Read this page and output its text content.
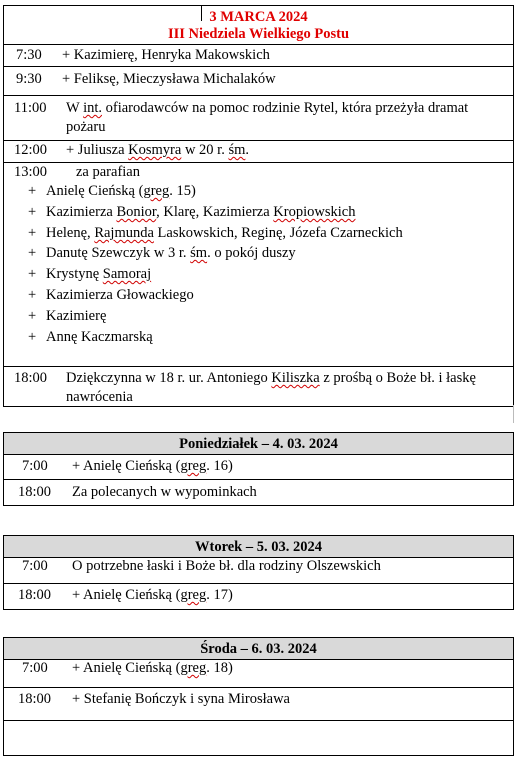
3 MARCA 2024
III Niedziela Wielkiego Postu
7:30 + Kazimierę, Henryka Makowskich
9:30 + Feliksę, Mieczysława Michalaków
11:00 W int. ofiarodawców na pomoc rodzinie Rytel, która przeżyła dramat pożaru
12:00 + Juliusza Kosmyra w 20 r. śm.
13:00 za parafian
+ Anielę Cieńską (greg. 15)
+ Kazimierza Bonior, Klarę, Kazimierza Kropiowskich
+ Helenę, Rajmunda Laskowskich, Reginę, Józefa Czarneckich
+ Danutę Szewczyk w 3 r. śm. o pokój duszy
+ Krystynę Samoraj
+ Kazimierza Głowackiego
+ Kazimierę
+ Annę Kaczmarską
18:00 Dziękczynna w 18 r. ur. Antoniego Kiliszka z prośbą o Boże bł. i łaskę nawrócenia
Poniedziałek – 4. 03. 2024
7:00 + Anielę Cieńską (greg. 16)
18:00 Za polecanych w wypominkach
Wtorek – 5. 03. 2024
7:00 O potrzebne łaski i Boże bł. dla rodziny Olszewskich
18:00 + Anielę Cieńską (greg. 17)
Środa – 6. 03. 2024
7:00 + Anielę Cieńską (greg. 18)
18:00 + Stefanię Bończyk i syna Mirosława
